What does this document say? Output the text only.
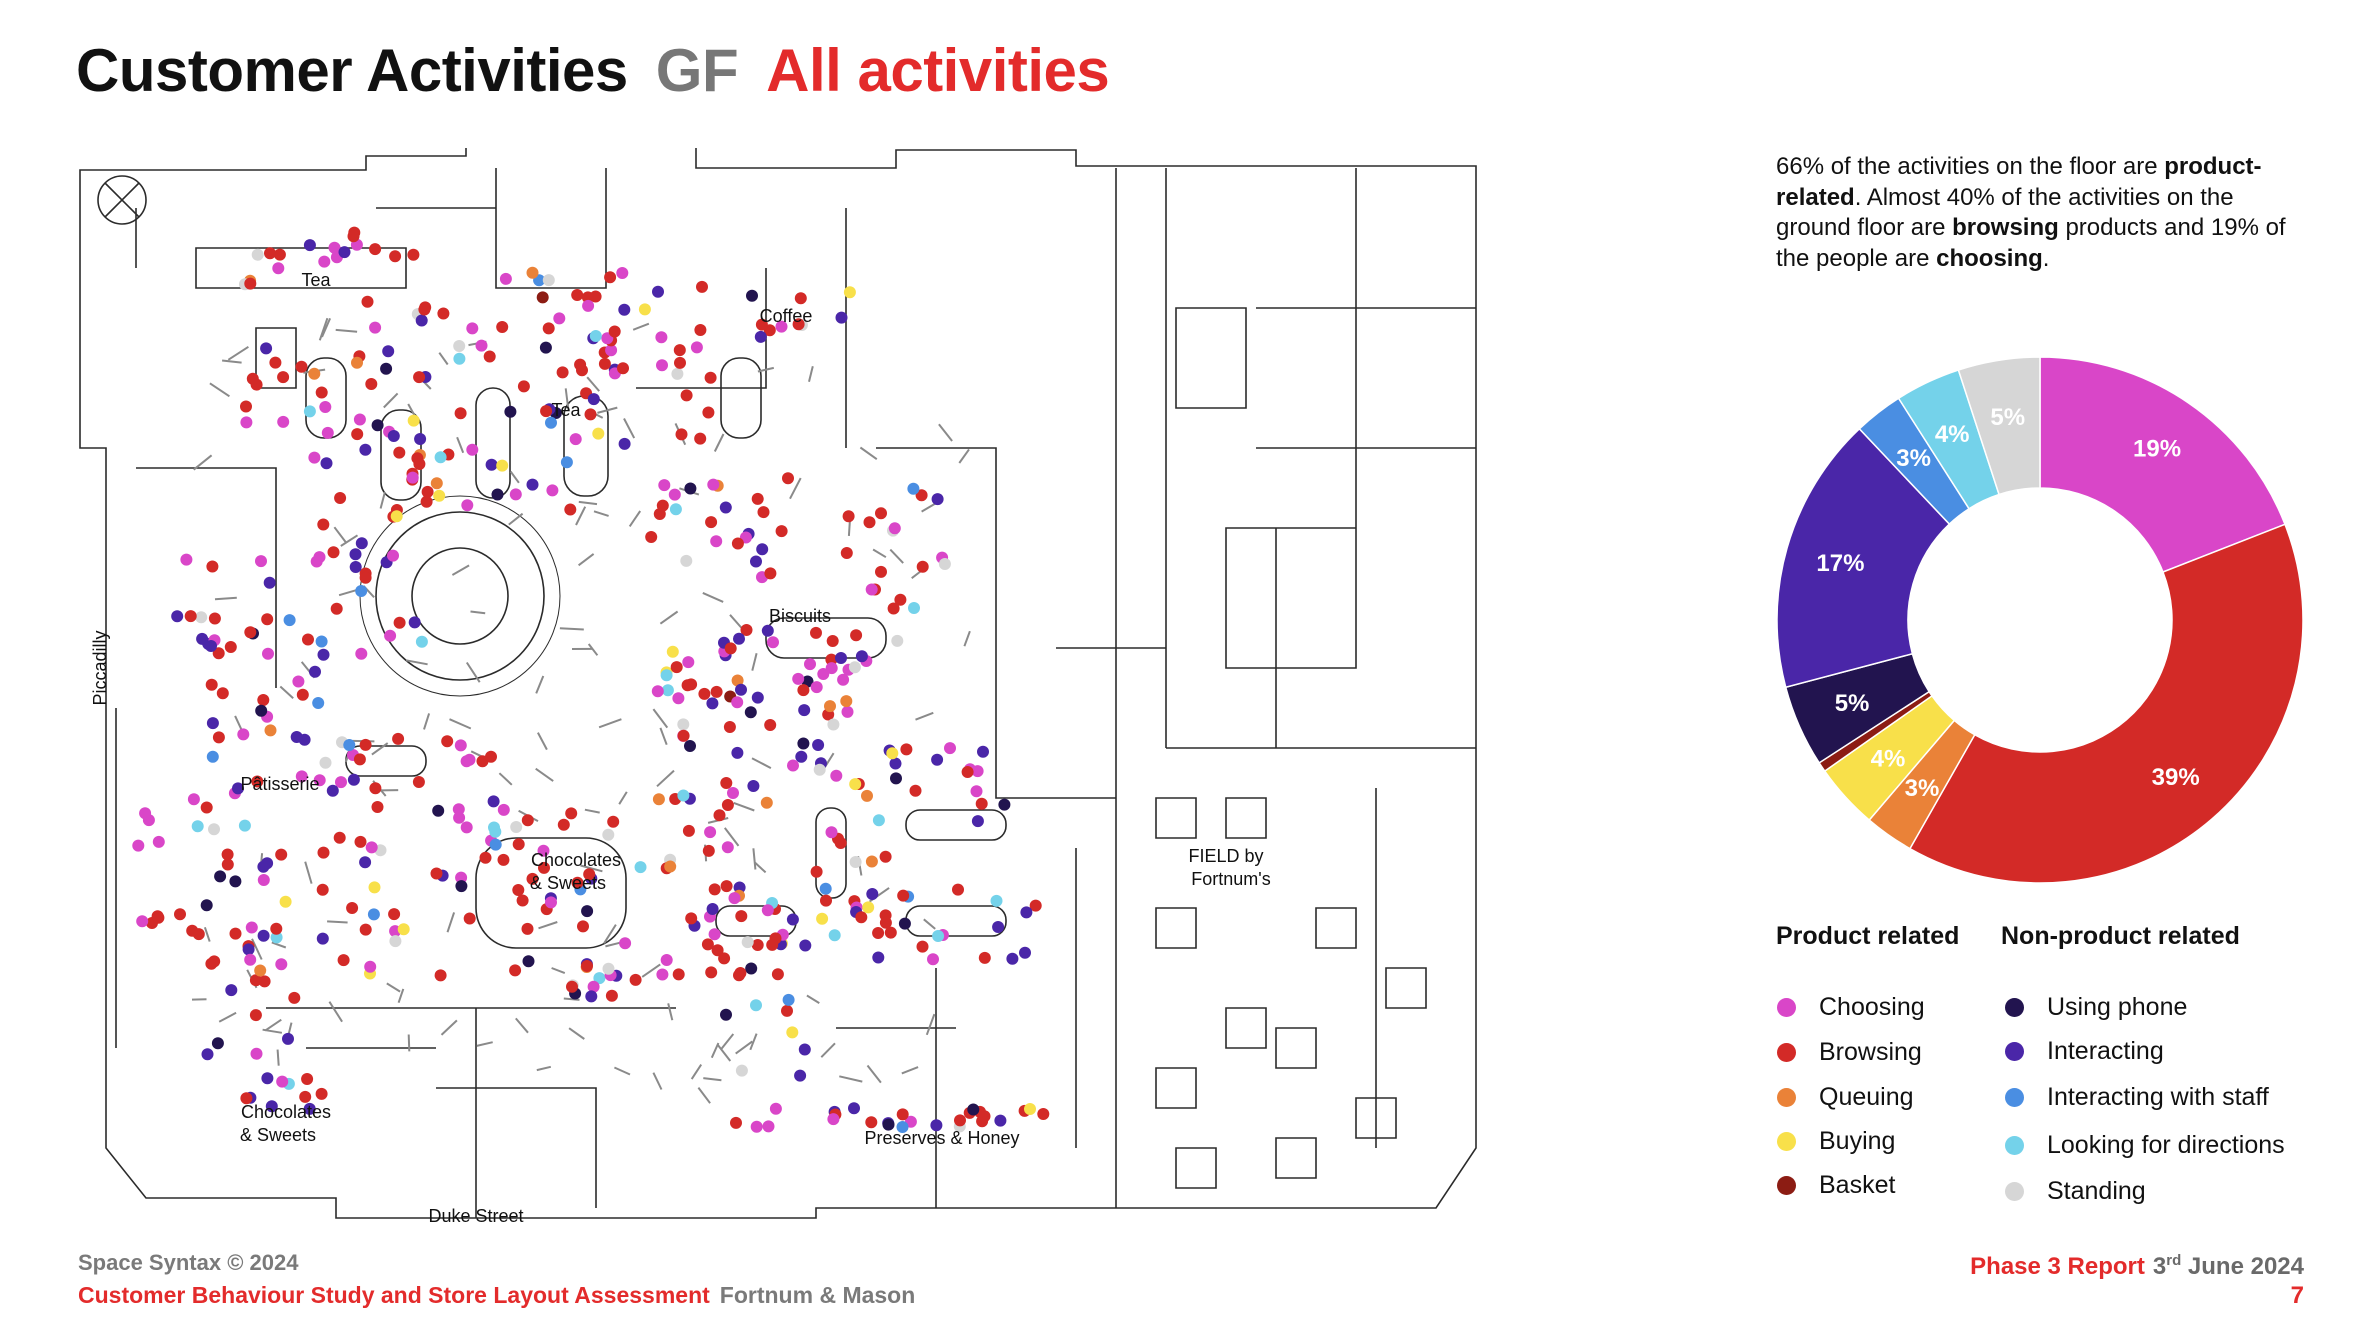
Customer Activities GF All activities
Tea
Coffee
Tea
Biscuits
Piccadilly
Pâtisserie
Chocolates
& Sweets
FIELD by
Fortnum's
Chocolates
& Sweets	Preserves & Honey
Duke Street
66% of the activities on the floor are product-related. Almost 40% of the activities on the ground floor are browsing products and 19% of the people are choosing.
19%
39%
3%
4%
5%
17%
3%
4%
5%
Product related Non-product related
Choosing
Browsing
Queuing
Buying
Basket
Using phone
Interacting
Interacting with staff
Looking for directions
Standing
Space Syntax © 2024
Customer Behaviour Study and Store Layout Assessment Fortnum & Mason
Phase 3 Report 3rd June 2024
7
